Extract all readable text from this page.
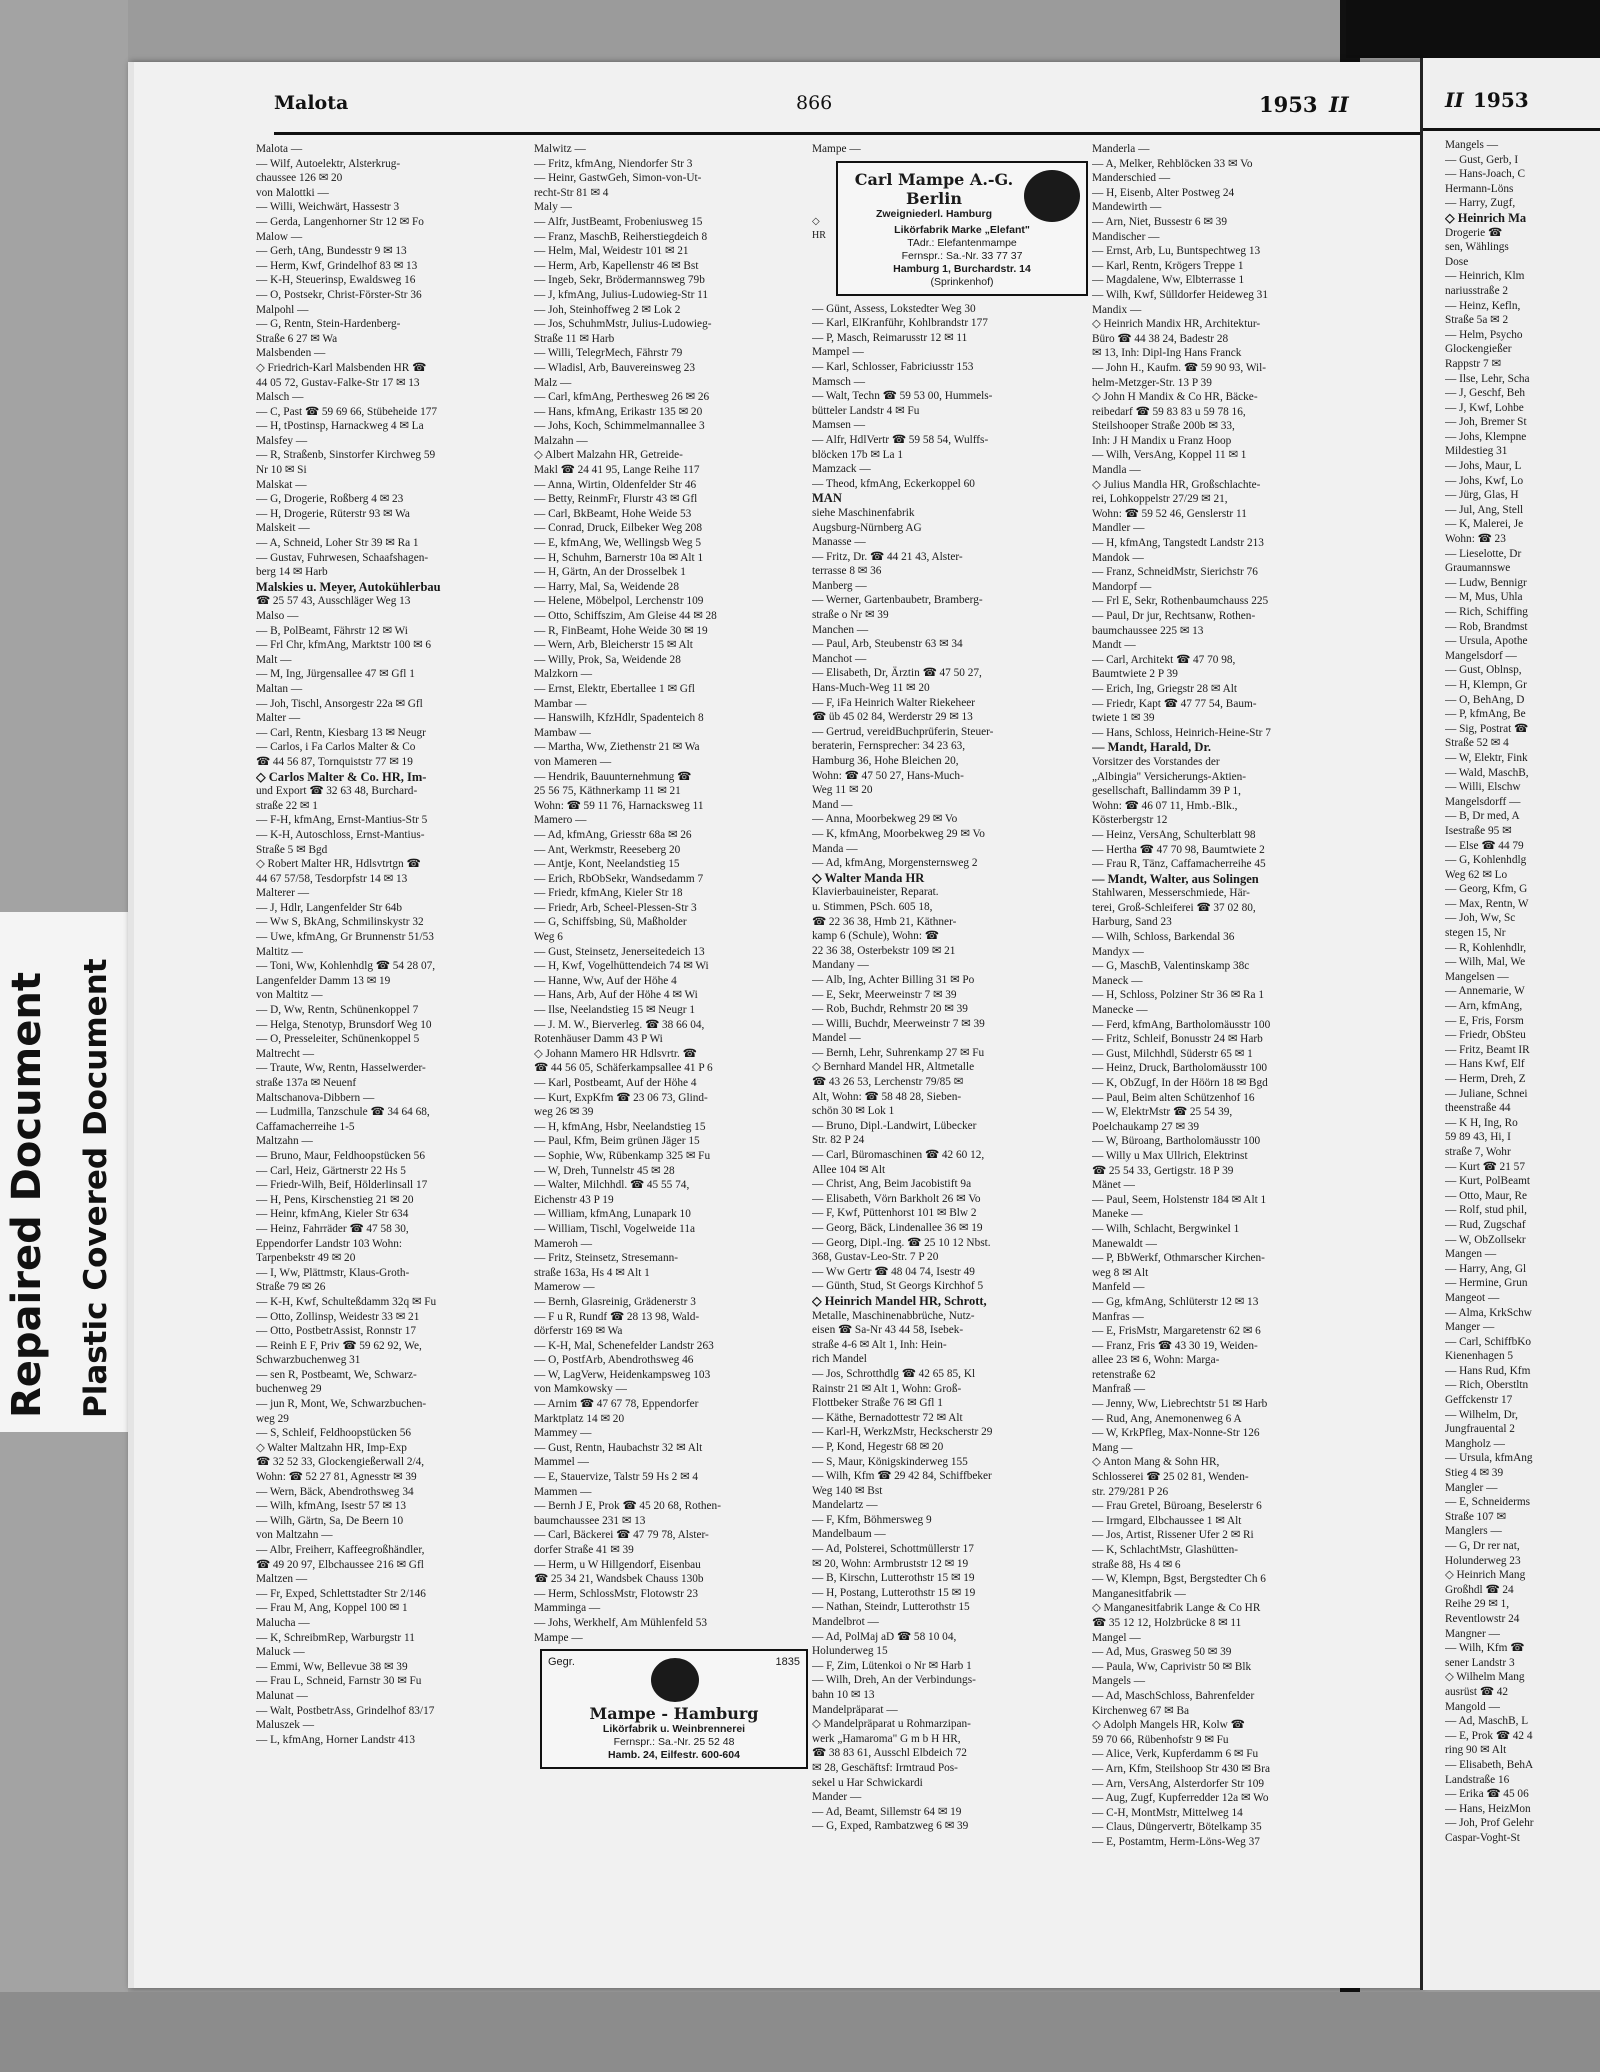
Repaired Document Plastic Covered Document
Malota	866	1953 II
Malota —
— Wilf, Autoelektr, Alsterkrug-
chaussee 126 ✉ 20
von Malottki —
— Willi, Weichwärt, Hassestr 3
— Gerda, Langenhorner Str 12 ✉ Fo
Malow —
— Gerh, tAng, Bundesstr 9 ✉ 13
— Herm, Kwf, Grindelhof 83 ✉ 13
— K-H, Steuerinsp, Ewaldsweg 16
— O, Postsekr, Christ-Förster-Str 36
Malpohl —
— G, Rentn, Stein-Hardenberg-
Straße 6 27 ✉ Wa
Malsbenden —
◇ Friedrich-Karl Malsbenden HR ☎
44 05 72, Gustav-Falke-Str 17 ✉ 13
Malsch —
— C, Past ☎ 59 69 66, Stübeheide 177
— H, tPostinsp, Harnackweg 4 ✉ La
Malsfey —
— R, Straßenb, Sinstorfer Kirchweg 59
Nr 10 ✉ Si
Malskat —
— G, Drogerie, Roßberg 4 ✉ 23
— H, Drogerie, Rüterstr 93 ✉ Wa
Malskeit —
— A, Schneid, Loher Str 39 ✉ Ra 1
— Gustav, Fuhrwesen, Schaafshagen-
berg 14 ✉ Harb
Malskies u. Meyer, Autokühlerbau
☎ 25 57 43, Ausschläger Weg 13
Malso —
— B, PolBeamt, Fährstr 12 ✉ Wi
— Frl Chr, kfmAng, Marktstr 100 ✉ 6
Malt —
— M, Ing, Jürgensallee 47 ✉ Gfl 1
Maltan —
— Joh, Tischl, Ansorgestr 22a ✉ Gfl
Malter —
— Carl, Rentn, Kiesbarg 13 ✉ Neugr
— Carlos, i Fa Carlos Malter & Co
☎ 44 56 87, Tornquiststr 77 ✉ 19
◇ Carlos Malter & Co. HR, Im-
und Export ☎ 32 63 48, Burchard-
straße 22 ✉ 1
— F-H, kfmAng, Ernst-Mantius-Str 5
— K-H, Autoschloss, Ernst-Mantius-
Straße 5 ✉ Bgd
◇ Robert Malter HR, Hdlsvtrtgn ☎
44 67 57/58, Tesdorpfstr 14 ✉ 13
Malterer —
— J, Hdlr, Langenfelder Str 64b
— Ww S, BkAng, Schmilinskystr 32
— Uwe, kfmAng, Gr Brunnenstr 51/53
Maltitz —
— Toni, Ww, Kohlenhdlg ☎ 54 28 07,
Langenfelder Damm 13 ✉ 19
von Maltitz —
— D, Ww, Rentn, Schünenkoppel 7
— Helga, Stenotyp, Brunsdorf Weg 10
— O, Presseleiter, Schünenkoppel 5
Maltrecht —
— Traute, Ww, Rentn, Hasselwerder-
straße 137a ✉ Neuenf
Maltschanova-Dibbern —
— Ludmilla, Tanzschule ☎ 34 64 68,
Caffamacherreihe 1-5
Maltzahn —
— Bruno, Maur, Feldhoopstücken 56
— Carl, Heiz, Gärtnerstr 22 Hs 5
— Friedr-Wilh, Beif, Hölderlinsall 17
— H, Pens, Kirschenstieg 21 ✉ 20
— Heinr, kfmAng, Kieler Str 634
— Heinz, Fahrräder ☎ 47 58 30,
Eppendorfer Landstr 103 Wohn:
Tarpenbekstr 49 ✉ 20
— I, Ww, Plättmstr, Klaus-Groth-
Straße 79 ✉ 26
— K-H, Kwf, Schulteßdamm 32q ✉ Fu
— Otto, Zollinsp, Weidestr 33 ✉ 21
— Otto, PostbetrAssist, Ronnstr 17
— Reinh E F, Priv ☎ 59 62 92, We,
Schwarzbuchenweg 31
— sen R, Postbeamt, We, Schwarz-
buchenweg 29
— jun R, Mont, We, Schwarzbuchen-
weg 29
— S, Schleif, Feldhoopstücken 56
◇ Walter Maltzahn HR, Imp-Exp
☎ 32 52 33, Glockengießerwall 2/4,
Wohn: ☎ 52 27 81, Agnesstr ✉ 39
— Wern, Bäck, Abendrothsweg 34
— Wilh, kfmAng, Isestr 57 ✉ 13
— Wilh, Gärtn, Sa, De Beern 10
von Maltzahn —
— Albr, Freiherr, Kaffeegroßhändler,
☎ 49 20 97, Elbchaussee 216 ✉ Gfl
Maltzen —
— Fr, Exped, Schlettstadter Str 2/146
— Frau M, Ang, Koppel 100 ✉ 1
Malucha —
— K, SchreibmRep, Warburgstr 11
Maluck —
— Emmi, Ww, Bellevue 38 ✉ 39
— Frau L, Schneid, Farnstr 30 ✉ Fu
Malunat —
— Walt, PostbetrAss, Grindelhof 83/17
Maluszek —
— L, kfmAng, Horner Landstr 413
Malwitz —
— Fritz, kfmAng, Niendorfer Str 3
— Heinr, GastwGeh, Simon-von-Ut-
recht-Str 81 ✉ 4
Maly —
— Alfr, JustBeamt, Frobeniusweg 15
— Franz, MaschB, Reiherstiegdeich 8
— Helm, Mal, Weidestr 101 ✉ 21
— Herm, Arb, Kapellenstr 46 ✉ Bst
— Ingeb, Sekr, Brödermannsweg 79b
— J, kfmAng, Julius-Ludowieg-Str 11
— Joh, Steinhoffweg 2 ✉ Lok 2
— Jos, SchuhmMstr, Julius-Ludowieg-
Straße 11 ✉ Harb
— Willi, TelegrMech, Fährstr 79
— Wladisl, Arb, Bauvereinsweg 23
Malz —
— Carl, kfmAng, Perthesweg 26 ✉ 26
— Hans, kfmAng, Erikastr 135 ✉ 20
— Johs, Koch, Schimmelmannallee 3
Malzahn —
◇ Albert Malzahn HR, Getreide-
Makl ☎ 24 41 95, Lange Reihe 117
— Anna, Wirtin, Oldenfelder Str 46
— Betty, ReinmFr, Flurstr 43 ✉ Gfl
— Carl, BkBeamt, Hohe Weide 53
— Conrad, Druck, Eilbeker Weg 208
— E, kfmAng, We, Wellingsb Weg 5
— H, Schuhm, Barnerstr 10a ✉ Alt 1
— H, Gärtn, An der Drosselbek 1
— Harry, Mal, Sa, Weidende 28
— Helene, Möbelpol, Lerchenstr 109
— Otto, Schiffszim, Am Gleise 44 ✉ 28
— R, FinBeamt, Hohe Weide 30 ✉ 19
— Wern, Arb, Bleicherstr 15 ✉ Alt
— Willy, Prok, Sa, Weidende 28
Malzkorn —
— Ernst, Elektr, Ebertallee 1 ✉ Gfl
Mambar —
— Hanswilh, KfzHdlr, Spadenteich 8
Mambaw —
— Martha, Ww, Ziethenstr 21 ✉ Wa
von Mameren —
— Hendrik, Bauunternehmung ☎
25 56 75, Käthnerkamp 11 ✉ 21
Wohn: ☎ 59 11 76, Harnacksweg 11
Mamero —
— Ad, kfmAng, Griesstr 68a ✉ 26
— Ant, Werkmstr, Reeseberg 20
— Antje, Kont, Neelandstieg 15
— Erich, RbObSekr, Wandsedamm 7
— Friedr, kfmAng, Kieler Str 18
— Friedr, Arb, Scheel-Plessen-Str 3
— G, Schiffsbing, Sü, Maßholder
Weg 6
— Gust, Steinsetz, Jenerseitedeich 13
— H, Kwf, Vogelhüttendeich 74 ✉ Wi
— Hanne, Ww, Auf der Höhe 4
— Hans, Arb, Auf der Höhe 4 ✉ Wi
— Ilse, Neelandstieg 15 ✉ Neugr 1
— J. M. W., Bierverleg. ☎ 38 66 04,
Rotenhäuser Damm 43 P Wi
◇ Johann Mamero HR Hdlsvrtr. ☎
☎ 44 56 05, Schäferkampsallee 41 P 6
— Karl, Postbeamt, Auf der Höhe 4
— Kurt, ExpKfm ☎ 23 06 73, Glind-
weg 26 ✉ 39
— H, kfmAng, Hsbr, Neelandstieg 15
— Paul, Kfm, Beim grünen Jäger 15
— Sophie, Ww, Rübenkamp 325 ✉ Fu
— W, Dreh, Tunnelstr 45 ✉ 28
— Walter, Milchhdl. ☎ 45 55 74,
Eichenstr 43 P 19
— William, kfmAng, Lunapark 10
— William, Tischl, Vogelweide 11a
Mameroh —
— Fritz, Steinsetz, Stresemann-
straße 163a, Hs 4 ✉ Alt 1
Mamerow —
— Bernh, Glasreinig, Grädenerstr 3
— F u R, Rundf ☎ 28 13 98, Wald-
dörferstr 169 ✉ Wa
— K-H, Mal, Schenefelder Landstr 263
— O, PostfArb, Abendrothsweg 46
— W, LagVerw, Heidenkampsweg 103
von Mamkowsky —
— Arnim ☎ 47 67 78, Eppendorfer
Marktplatz 14 ✉ 20
Mammey —
— Gust, Rentn, Haubachstr 32 ✉ Alt
Mammel —
— E, Stauervize, Talstr 59 Hs 2 ✉ 4
Mammen —
— Bernh J E, Prok ☎ 45 20 68, Rothen-
baumchaussee 231 ✉ 13
— Carl, Bäckerei ☎ 47 79 78, Alster-
dorfer Straße 41 ✉ 39
— Herm, u W Hillgendorf, Eisenbau
☎ 25 34 21, Wandsbek Chauss 130b
— Herm, SchlossMstr, Flotowstr 23
Mamminga —
— Johs, Werkhelf, Am Mühlenfeld 53
Mampe —
Gegr.	1835
Mampe - Hamburg
Likörfabrik u. Weinbrennerei
Fernspr.: Sa.-Nr. 25 52 48
Hamb. 24, Eilfestr. 600-604
Mampe —
◇ HR
Carl Mampe A.-G. Berlin
Zweigniederl. Hamburg
Likörfabrik Marke „Elefant"
TAdr.: Elefantenmampe
Fernspr.: Sa.-Nr. 33 77 37
Hamburg 1, Burchardstr. 14
(Sprinkenhof)
— Günt, Assess, Lokstedter Weg 30
— Karl, ElKranführ, Kohlbrandstr 177
— P, Masch, Reimarusstr 12 ✉ 11
Mampel —
— Karl, Schlosser, Fabriciusstr 153
Mamsch —
— Walt, Techn ☎ 59 53 00, Hummels-
bütteler Landstr 4 ✉ Fu
Mamsen —
— Alfr, HdlVertr ☎ 59 58 54, Wulffs-
blöcken 17b ✉ La 1
Mamzack —
— Theod, kfmAng, Eckerkoppel 60
MAN
siehe Maschinenfabrik
Augsburg-Nürnberg AG
Manasse —
— Fritz, Dr. ☎ 44 21 43, Alster-
terrasse 8 ✉ 36
Manberg —
— Werner, Gartenbaubetr, Bramberg-
straße o Nr ✉ 39
Manchen —
— Paul, Arb, Steubenstr 63 ✉ 34
Manchot —
— Elisabeth, Dr, Ärztin ☎ 47 50 27,
Hans-Much-Weg 11 ✉ 20
— F, iFa Heinrich Walter Riekeheer
☎ üb 45 02 84, Werderstr 29 ✉ 13
— Gertrud, vereidBuchprüferin, Steuer-
beraterin, Fernsprecher: 34 23 63,
Hamburg 36, Hohe Bleichen 20,
Wohn: ☎ 47 50 27, Hans-Much-
Weg 11 ✉ 20
Mand —
— Anna, Moorbekweg 29 ✉ Vo
— K, kfmAng, Moorbekweg 29 ✉ Vo
Manda —
— Ad, kfmAng, Morgensternsweg 2
◇ Walter Manda HR
Klavierbauineister, Reparat.
u. Stimmen, PSch. 605 18,
☎ 22 36 38, Hmb 21, Käthner-
kamp 6 (Schule), Wohn: ☎
22 36 38, Osterbekstr 109 ✉ 21
Mandany —
— Alb, Ing, Achter Billing 31 ✉ Po
— E, Sekr, Meerweinstr 7 ✉ 39
— Rob, Buchdr, Rehmstr 20 ✉ 39
— Willi, Buchdr, Meerweinstr 7 ✉ 39
Mandel —
— Bernh, Lehr, Suhrenkamp 27 ✉ Fu
◇ Bernhard Mandel HR, Altmetalle
☎ 43 26 53, Lerchenstr 79/85 ✉
Alt, Wohn: ☎ 58 48 28, Sieben-
schön 30 ✉ Lok 1
— Bruno, Dipl.-Landwirt, Lübecker
Str. 82 P 24
— Carl, Büromaschinen ☎ 42 60 12,
Allee 104 ✉ Alt
— Christ, Ang, Beim Jacobistift 9a
— Elisabeth, Vörn Barkholt 26 ✉ Vo
— F, Kwf, Püttenhorst 101 ✉ Blw 2
— Georg, Bäck, Lindenallee 36 ✉ 19
— Georg, Dipl.-Ing. ☎ 25 10 12 Nbst.
368, Gustav-Leo-Str. 7 P 20
— Ww Gertr ☎ 48 04 74, Isestr 49
— Günth, Stud, St Georgs Kirchhof 5
◇ Heinrich Mandel HR, Schrott,
Metalle, Maschinenabbrüche, Nutz-
eisen ☎ Sa-Nr 43 44 58, Isebek-
straße 4-6 ✉ Alt 1, Inh: Hein-
rich Mandel
— Jos, Schrotthdlg ☎ 42 65 85, Kl
Rainstr 21 ✉ Alt 1, Wohn: Groß-
Flottbeker Straße 76 ✉ Gfl 1
— Käthe, Bernadottestr 72 ✉ Alt
— Karl-H, WerkzMstr, Heckscherstr 29
— P, Kond, Hegestr 68 ✉ 20
— S, Maur, Königskinderweg 155
— Wilh, Kfm ☎ 29 42 84, Schiffbeker
Weg 140 ✉ Bst
Mandelartz —
— F, Kfm, Böhmersweg 9
Mandelbaum —
— Ad, Polsterei, Schottmüllerstr 17
✉ 20, Wohn: Armbruststr 12 ✉ 19
— B, Kirschn, Lutterothstr 15 ✉ 19
— H, Postang, Lutterothstr 15 ✉ 19
— Nathan, Steindr, Lutterothstr 15
Mandelbrot —
— Ad, PolMaj aD ☎ 58 10 04,
Holunderweg 15
— F, Zim, Lütenkoi o Nr ✉ Harb 1
— Wilh, Dreh, An der Verbindungs-
bahn 10 ✉ 13
Mandelpräparat —
◇ Mandelpräparat u Rohmarzipan-
werk „Hamaroma" G m b H HR,
☎ 38 83 61, Ausschl Elbdeich 72
✉ 28, Geschäftsf: Irmtraud Pos-
sekel u Har Schwickardi
Mander —
— Ad, Beamt, Sillemstr 64 ✉ 19
— G, Exped, Rambatzweg 6 ✉ 39
Manderla —
— A, Melker, Rehblöcken 33 ✉ Vo
Manderschied —
— H, Eisenb, Alter Postweg 24
Mandewirth —
— Arn, Niet, Bussestr 6 ✉ 39
Mandischer —
— Ernst, Arb, Lu, Buntspechtweg 13
— Karl, Rentn, Krögers Treppe 1
— Magdalene, Ww, Elbterrasse 1
— Wilh, Kwf, Sülldorfer Heideweg 31
Mandix —
◇ Heinrich Mandix HR, Architektur-
Büro ☎ 44 38 24, Badestr 28
✉ 13, Inh: Dipl-Ing Hans Franck
— John H., Kaufm. ☎ 59 90 93, Wil-
helm-Metzger-Str. 13 P 39
◇ John H Mandix & Co HR, Bäcke-
reibedarf ☎ 59 83 83 u 59 78 16,
Steilshooper Straße 200b ✉ 33,
Inh: J H Mandix u Franz Hoop
— Wilh, VersAng, Koppel 11 ✉ 1
Mandla —
◇ Julius Mandla HR, Großschlachte-
rei, Lohkoppelstr 27/29 ✉ 21,
Wohn: ☎ 59 52 46, Genslerstr 11
Mandler —
— H, kfmAng, Tangstedt Landstr 213
Mandok —
— Franz, SchneidMstr, Sierichstr 76
Mandorpf —
— Frl E, Sekr, Rothenbaumchauss 225
— Paul, Dr jur, Rechtsanw, Rothen-
baumchaussee 225 ✉ 13
Mandt —
— Carl, Architekt ☎ 47 70 98,
Baumtwiete 2 P 39
— Erich, Ing, Griegstr 28 ✉ Alt
— Friedr, Kapt ☎ 47 77 54, Baum-
twiete 1 ✉ 39
— Hans, Schloss, Heinrich-Heine-Str 7
— Mandt, Harald, Dr.
Vorsitzer des Vorstandes der
„Albingia" Versicherungs-Aktien-
gesellschaft, Ballindamm 39 P 1,
Wohn: ☎ 46 07 11, Hmb.-Blk.,
Kösterbergstr 12
— Heinz, VersAng, Schulterblatt 98
— Hertha ☎ 47 70 98, Baumtwiete 2
— Frau R, Tänz, Caffamacherreihe 45
— Mandt, Walter, aus Solingen
Stahlwaren, Messerschmiede, Här-
terei, Groß-Schleiferei ☎ 37 02 80,
Harburg, Sand 23
— Wilh, Schloss, Barkendal 36
Mandyx —
— G, MaschB, Valentinskamp 38c
Maneck —
— H, Schloss, Polziner Str 36 ✉ Ra 1
Manecke —
— Ferd, kfmAng, Bartholomäusstr 100
— Fritz, Schleif, Bonusstr 24 ✉ Harb
— Gust, Milchhdl, Süderstr 65 ✉ 1
— Heinz, Druck, Bartholomäusstr 100
— K, ObZugf, In der Höörn 18 ✉ Bgd
— Paul, Beim alten Schützenhof 16
— W, ElektrMstr ☎ 25 54 39,
Poelchaukamp 27 ✉ 39
— W, Büroang, Bartholomäusstr 100
— Willy u Max Ullrich, Elektrinst
☎ 25 54 33, Gertigstr. 18 P 39
Mänet —
— Paul, Seem, Holstenstr 184 ✉ Alt 1
Maneke —
— Wilh, Schlacht, Bergwinkel 1
Manewaldt —
— P, BbWerkf, Othmarscher Kirchen-
weg 8 ✉ Alt
Manfeld —
— Gg, kfmAng, Schlüterstr 12 ✉ 13
Manfras —
— E, FrisMstr, Margaretenstr 62 ✉ 6
— Franz, Fris ☎ 43 30 19, Weiden-
allee 23 ✉ 6, Wohn: Marga-
retenstraße 62
Manfraß —
— Jenny, Ww, Liebrechtstr 51 ✉ Harb
— Rud, Ang, Anemonenweg 6 A
— W, KrkPfleg, Max-Nonne-Str 126
Mang —
◇ Anton Mang & Sohn HR,
Schlosserei ☎ 25 02 81, Wenden-
str. 279/281 P 26
— Frau Gretel, Büroang, Beselerstr 6
— Irmgard, Elbchaussee 1 ✉ Alt
— Jos, Artist, Rissener Ufer 2 ✉ Ri
— K, SchlachtMstr, Glashütten-
straße 88, Hs 4 ✉ 6
— W, Klempn, Bgst, Bergstedter Ch 6
Manganesitfabrik —
◇ Manganesitfabrik Lange & Co HR
☎ 35 12 12, Holzbrücke 8 ✉ 11
Mangel —
— Ad, Mus, Grasweg 50 ✉ 39
— Paula, Ww, Caprivistr 50 ✉ Blk
Mangels —
— Ad, MaschSchloss, Bahrenfelder
Kirchenweg 67 ✉ Ba
◇ Adolph Mangels HR, Kolw ☎
59 70 66, Rübenhofstr 9 ✉ Fu
— Alice, Verk, Kupferdamm 6 ✉ Fu
— Arn, Kfm, Steilshoop Str 430 ✉ Bra
— Arn, VersAng, Alsterdorfer Str 109
— Aug, Zugf, Kupferredder 12a ✉ Wo
— C-H, MontMstr, Mittelweg 14
— Claus, Düngervertr, Bötelkamp 35
— E, Postamtm, Herm-Löns-Weg 37
II 1953
Mangels —
— Gust, Gerb, I
— Hans-Joach, C
Hermann-Löns
— Harry, Zugf,
◇ Heinrich Ma
Drogerie ☎
sen, Wählings
Dose
— Heinrich, Klm
nariusstraße 2
— Heinz, Kefln,
Straße 5a ✉ 2
— Helm, Psycho
Glockengießer
Rappstr 7 ✉
— Ilse, Lehr, Scha
— J, Geschf, Beh
— J, Kwf, Lohbe
— Joh, Bremer St
— Johs, Klempne
Mildestieg 31
— Johs, Maur, L
— Johs, Kwf, Lo
— Jürg, Glas, H
— Jul, Ang, Stell
— K, Malerei, Je
Wohn: ☎ 23
— Lieselotte, Dr
Graumannswe
— Ludw, Bennigr
— M, Mus, Uhla
— Rich, Schiffing
— Rob, Brandmst
— Ursula, Apothe
Mangelsdorf —
— Gust, Oblnsp,
— H, Klempn, Gr
— O, BehAng, D
— P, kfmAng, Be
— Sig, Postrat ☎
Straße 52 ✉ 4
— W, Elektr, Fink
— Wald, MaschB,
— Willi, Elschw
Mangelsdorff —
— B, Dr med, A
Isestraße 95 ✉
— Else ☎ 44 79
— G, Kohlenhdlg
Weg 62 ✉ Lo
— Georg, Kfm, G
— Max, Rentn, W
— Joh, Ww, Sc
stegen 15, Nr
— R, Kohlenhdlr,
— Wilh, Mal, We
Mangelsen —
— Annemarie, W
— Arn, kfmAng,
— E, Fris, Forsm
— Friedr, ObSteu
— Fritz, Beamt IR
— Hans Kwf, Elf
— Herm, Dreh, Z
— Juliane, Schnei
theenstraße 44
— K H, Ing, Ro
59 89 43, Hi, I
straße 7, Wohr
— Kurt ☎ 21 57
— Kurt, PolBeamt
— Otto, Maur, Re
— Rolf, stud phil,
— Rud, Zugschaf
— W, ObZollsekr
Mangen —
— Harry, Ang, Gl
— Hermine, Grun
Mangeot —
— Alma, KrkSchw
Manger —
— Carl, SchiffbKo
Kienenhagen 5
— Hans Rud, Kfm
— Rich, Oberstltn
Geffckenstr 17
— Wilhelm, Dr,
Jungfrauental 2
Mangholz —
— Ursula, kfmAng
Stieg 4 ✉ 39
Mangler —
— E, Schneiderms
Straße 107 ✉
Manglers —
— G, Dr rer nat,
Holunderweg 23
◇ Heinrich Mang
Großhdl ☎ 24
Reihe 29 ✉ 1,
Reventlowstr 24
Mangner —
— Wilh, Kfm ☎
sener Landstr 3
◇ Wilhelm Mang
ausrüst ☎ 42
Mangold —
— Ad, MaschB, L
— E, Prok ☎ 42 4
ring 90 ✉ Alt
— Elisabeth, BehA
Landstraße 16
— Erika ☎ 45 06
— Hans, HeizMon
— Joh, Prof Gelehr
Caspar-Voght-St
